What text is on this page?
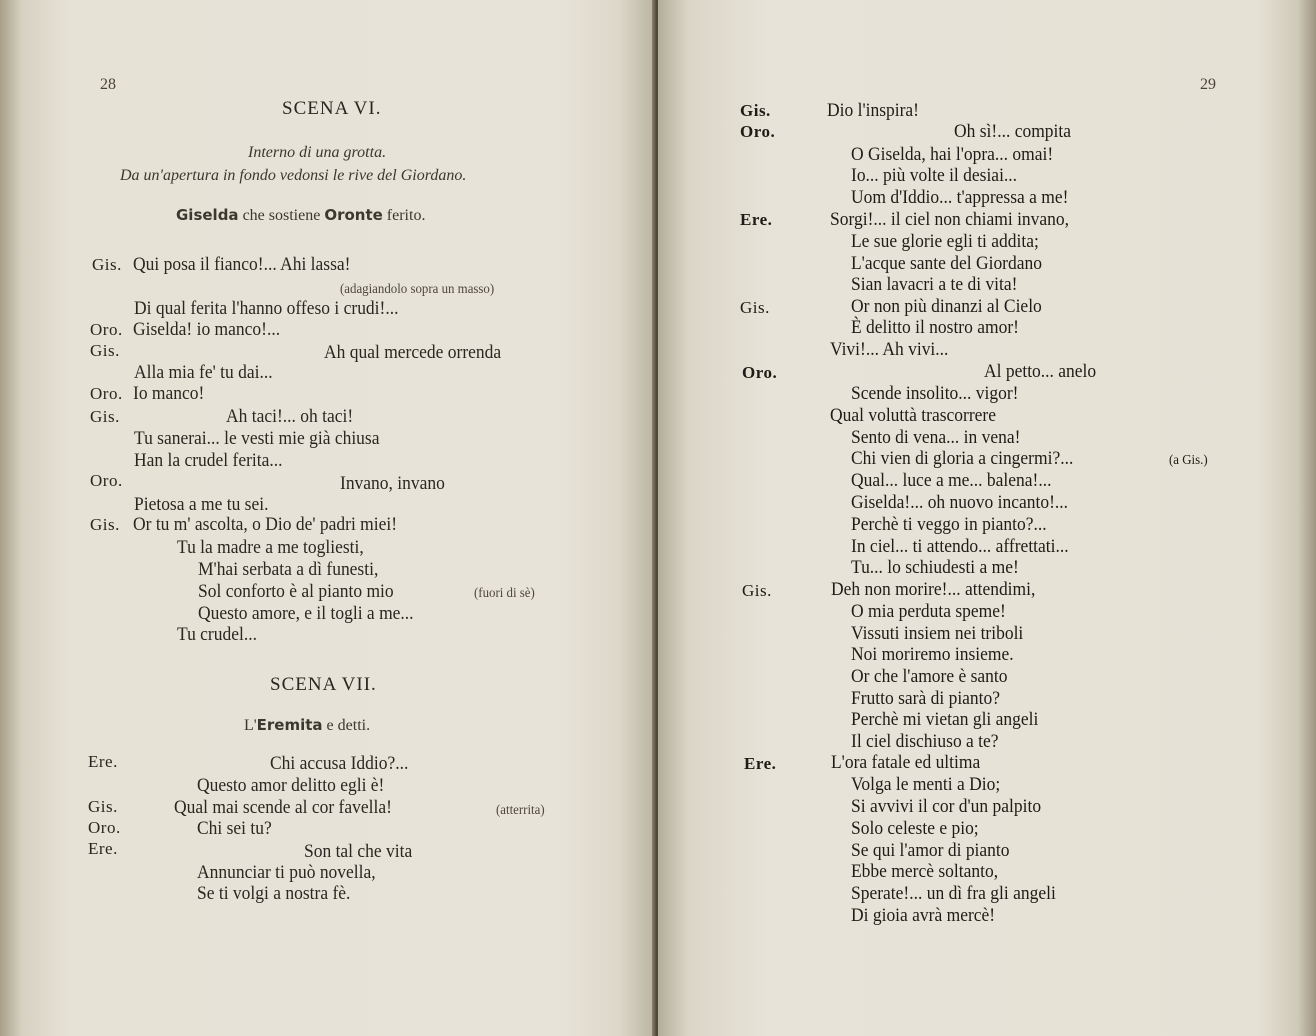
28
SCENA VI.
Interno di una grotta.
Da un'apertura in fondo vedonsi le rive del Giordano.
Giselda che sostiene Oronte ferito.
Gis. Qui posa il fianco!... Ahi lassa!
(adagiandolo sopra un masso)
Di qual ferita l'hanno offeso i crudi!...
Oro. Giselda! io manco!...
Gis.	Ah qual mercede orrenda
Alla mia fe' tu dai...
Oro. Io manco!
Gis.	Ah taci!... oh taci!
Tu sanerai... le vesti mie già chiusa
Han la crudel ferita...
Oro.	Invano, invano
Pietosa a me tu sei.
Gis. Or tu m' ascolta, o Dio de' padri miei!
Tu la madre a me togliesti,
M'hai serbata a dì funesti,
Sol conforto è al pianto mio	(fuori di sè)
Questo amore, e il togli a me...
Tu crudel...
SCENA VII.
L'Eremita e detti.
Ere.	Chi accusa Iddio?...
Questo amor delitto egli è!
Gis.	Qual mai scende al cor favella!	(atterrita)
Oro.	Chi sei tu?
Ere.	Son tal che vita
Annunciar ti può novella,
Se ti volgi a nostra fè.
29
Gis.	Dio l'inspira!
Oro.	Oh sì!... compita
O Giselda, hai l'opra... omai!
Io... più volte il desiai...
Uom d'Iddio... t'appressa a me!
Ere.	Sorgi!... il ciel non chiami invano,
Le sue glorie egli ti addita;
L'acque sante del Giordano
Sian lavacri a te di vita!
Gis.	Or non più dinanzi al Cielo
È delitto il nostro amor!
Vivi!... Ah vivi...
Oro.	Al petto... anelo
Scende insolito... vigor!
Qual voluttà trascorrere
Sento di vena... in vena!
Chi vien di gloria a cingermi?...	(a Gis.)
Qual... luce a me... balena!...
Giselda!... oh nuovo incanto!...
Perchè ti veggo in pianto?...
In ciel... ti attendo... affrettati...
Tu... lo schiudesti a me!
Gis.	Deh non morire!... attendimi,
O mia perduta speme!
Vissuti insiem nei triboli
Noi moriremo insieme.
Or che l'amore è santo
Frutto sarà di pianto?
Perchè mi vietan gli angeli
Il ciel dischiuso a te?
Ere.	L'ora fatale ed ultima
Volga le menti a Dio;
Si avvivi il cor d'un palpito
Solo celeste e pio;
Se qui l'amor di pianto
Ebbe mercè soltanto,
Sperate!... un dì fra gli angeli
Di gioia avrà mercè!
